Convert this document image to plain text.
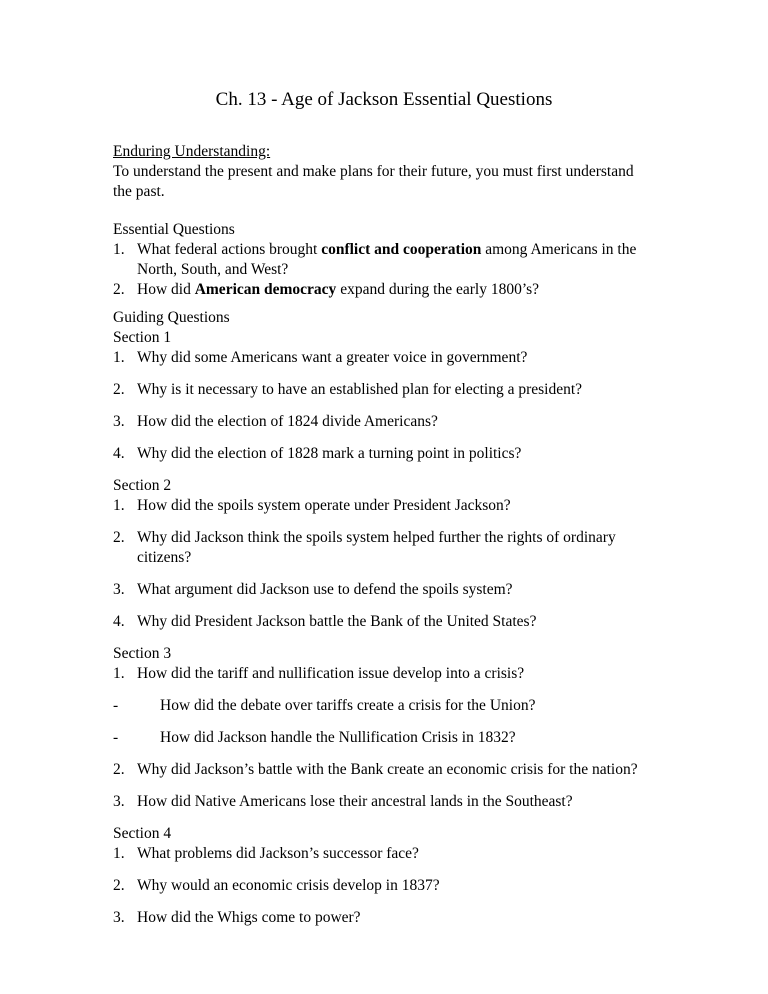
Ch. 13 - Age of Jackson Essential Questions

Enduring Understanding:

To understand the present and make plans for their future, you must first understand the past.

Essential Questions

1. What federal actions brought conflict and cooperation among Americans in the North, South, and West?
2. How did American democracy expand during the early 1800’s?

Guiding Questions

Section 1

1. Why did some Americans want a greater voice in government?
2. Why is it necessary to have an established plan for electing a president?
3. How did the election of 1824 divide Americans?
4. Why did the election of 1828 mark a turning point in politics?

Section 2

1. How did the spoils system operate under President Jackson?
2. Why did Jackson think the spoils system helped further the rights of ordinary citizens?
3. What argument did Jackson use to defend the spoils system?
4. Why did President Jackson battle the Bank of the United States?

Section 3

1. How did the tariff and nullification issue develop into a crisis?
-	How did the debate over tariffs create a crisis for the Union?
-	How did Jackson handle the Nullification Crisis in 1832?
2. Why did Jackson’s battle with the Bank create an economic crisis for the nation?
3. How did Native Americans lose their ancestral lands in the Southeast?

Section 4

1. What problems did Jackson’s successor face?
2. Why would an economic crisis develop in 1837?
3. How did the Whigs come to power?
